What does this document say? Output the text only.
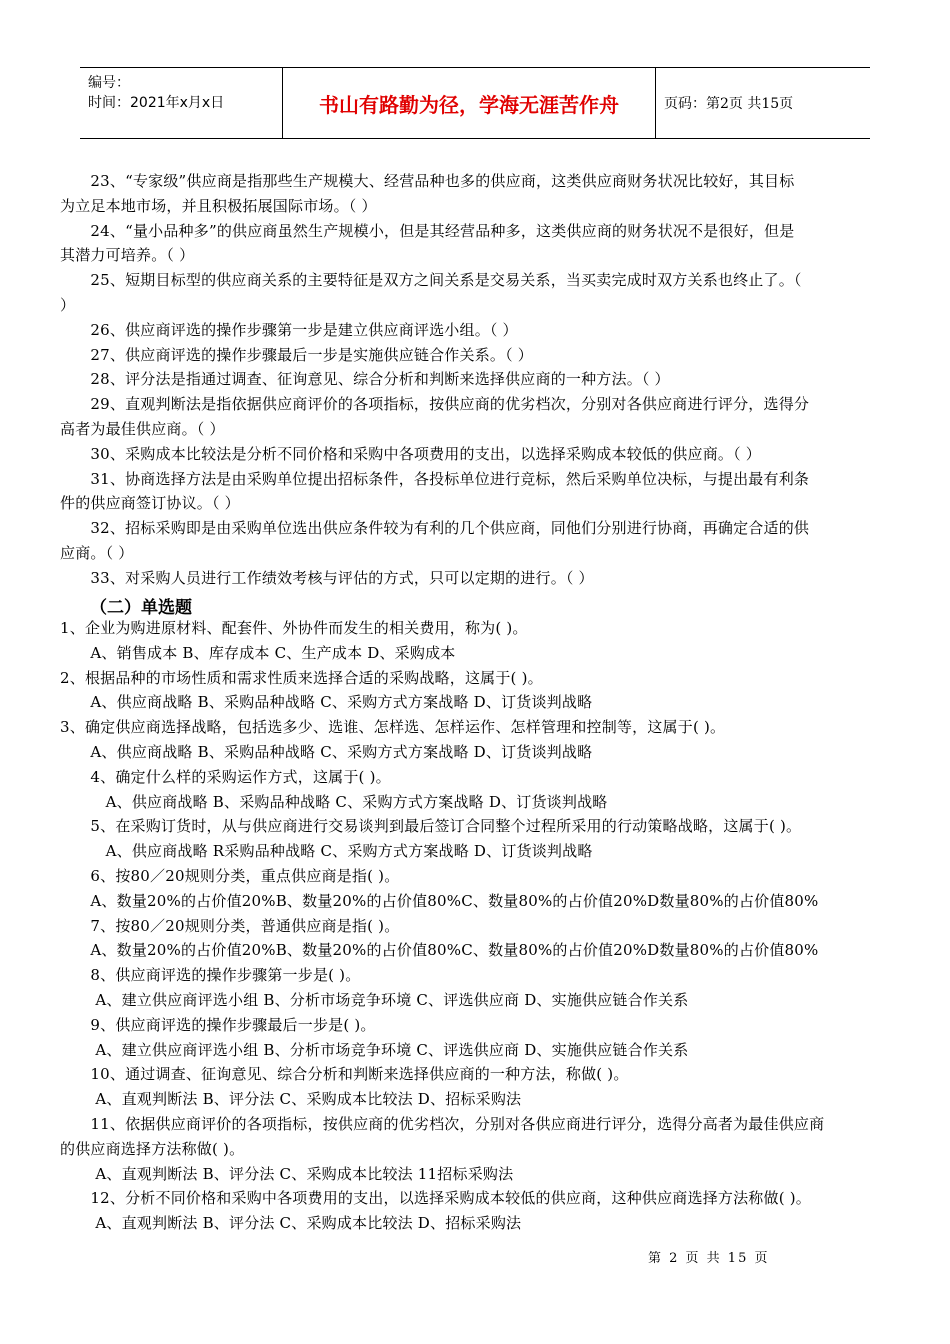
编号：
时间：2021年x月x日	书山有路勤为径，学海无涯苦作舟	页码：第2页 共15页
　　23、“专家级”供应商是指那些生产规模大、经营品种也多的供应商，这类供应商财务状况比较好，其目标
为立足本地市场，并且积极拓展国际市场。（ ）
　　24、“量小品种多”的供应商虽然生产规模小，但是其经营品种多，这类供应商的财务状况不是很好，但是
其潜力可培养。（ ）
　　25、短期目标型的供应商关系的主要特征是双方之间关系是交易关系，当买卖完成时双方关系也终止了。（
）
　　26、供应商评选的操作步骤第一步是建立供应商评选小组。（ ）
　　27、供应商评选的操作步骤最后一步是实施供应链合作关系。（ ）
　　28、评分法是指通过调查、征询意见、综合分析和判断来选择供应商的一种方法。（ ）
　　29、直观判断法是指依据供应商评价的各项指标，按供应商的优劣档次，分别对各供应商进行评分，选得分
高者为最佳供应商。（ ）
　　30、采购成本比较法是分析不同价格和采购中各项费用的支出，以选择采购成本较低的供应商。（ ）
　　31、协商选择方法是由采购单位提出招标条件，各投标单位进行竞标，然后采购单位决标，与提出最有利条
件的供应商签订协议。（ ）
　　32、招标采购即是由采购单位选出供应条件较为有利的几个供应商，同他们分别进行协商，再确定合适的供
应商。（ ）
　　33、对采购人员进行工作绩效考核与评估的方式，只可以定期的进行。（ ）
（二）单选题
1、企业为购进原材料、配套件、外协件而发生的相关费用，称为( )。
　　A、销售成本 B、库存成本 C、生产成本 D、采购成本
2、根据品种的市场性质和需求性质来选择合适的采购战略，这属于( )。
　　A、供应商战略 B、采购品种战略 C、采购方式方案战略 D、订货谈判战略
3、确定供应商选择战略，包括选多少、选谁、怎样选、怎样运作、怎样管理和控制等，这属于( )。
　　A、供应商战略 B、采购品种战略 C、采购方式方案战略 D、订货谈判战略
　　4、确定什么样的采购运作方式，这属于( )。
　　　A、供应商战略 B、采购品种战略 C、采购方式方案战略 D、订货谈判战略
　　5、在采购订货时，从与供应商进行交易谈判到最后签订合同整个过程所采用的行动策略战略，这属于( )。
　　　A、供应商战略 R采购品种战略 C、采购方式方案战略 D、订货谈判战略
　　6、按80／20规则分类，重点供应商是指( )。
　　A、数量20%的占价值20%B、数量20%的占价值80%C、数量80%的占价值20%D数量80%的占价值80%
　　7、按80／20规则分类，普通供应商是指( )。
　　A、数量20%的占价值20%B、数量20%的占价值80%C、数量80%的占价值20%D数量80%的占价值80%
　　8、供应商评选的操作步骤第一步是( )。
　　 A、建立供应商评选小组 B、分析市场竞争环境 C、评选供应商 D、实施供应链合作关系
　　9、供应商评选的操作步骤最后一步是( )。
　　 A、建立供应商评选小组 B、分析市场竞争环境 C、评选供应商 D、实施供应链合作关系
　　10、通过调查、征询意见、综合分析和判断来选择供应商的一种方法，称做( )。
　　 A、直观判断法 B、评分法 C、采购成本比较法 D、招标采购法
　　11、依据供应商评价的各项指标，按供应商的优劣档次，分别对各供应商进行评分，选得分高者为最佳供应商
的供应商选择方法称做( )。
　　 A、直观判断法 B、评分法 C、采购成本比较法 11招标采购法
　　12、分析不同价格和采购中各项费用的支出，以选择采购成本较低的供应商，这种供应商选择方法称做( )。
　　 A、直观判断法 B、评分法 C、采购成本比较法 D、招标采购法
第 2 页 共 15 页
